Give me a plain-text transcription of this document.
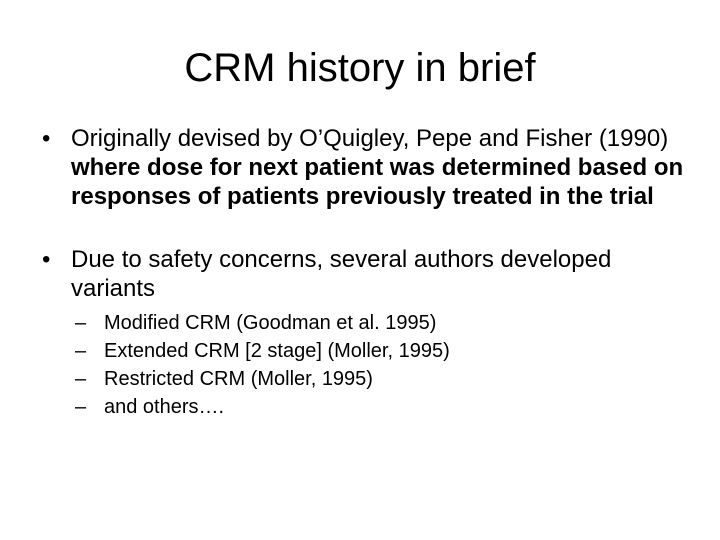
CRM history in brief
• Originally devised by O’Quigley, Pepe and Fisher (1990) where dose for next patient was determined based on responses of patients previously treated in the trial
• Due to safety concerns, several authors developed variants
– Modified CRM (Goodman et al. 1995)
– Extended CRM [2 stage] (Moller, 1995)
– Restricted CRM (Moller, 1995)
– and others….
